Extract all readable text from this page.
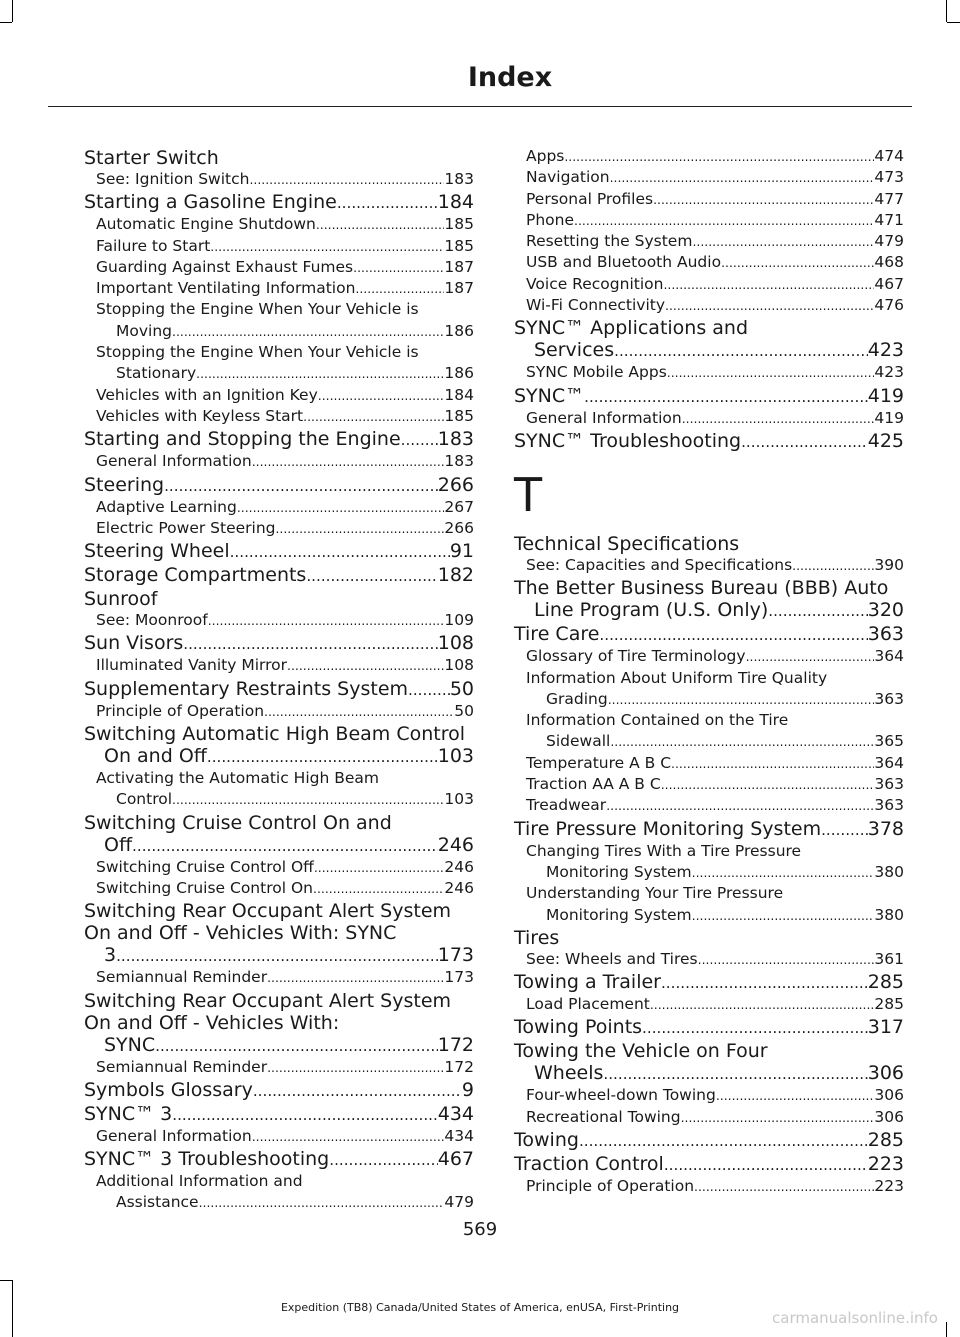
Index
Starter Switch
See: Ignition Switch .....	183
Starting a Gasoline Engine .....	184
Automatic Engine Shutdown .....	185
Failure to Start .....	185
Guarding Against Exhaust Fumes .....	187
Important Ventilating Information .....	187
Stopping the Engine When Your Vehicle is
Moving .....	186
Stopping the Engine When Your Vehicle is
Stationary .....	186
Vehicles with an Ignition Key .....	184
Vehicles with Keyless Start .....	185
Starting and Stopping the Engine ..... 183
General Information .....	183
Steering .....	266
Adaptive Learning .....	267
Electric Power Steering .....	266
Steering Wheel .....	91
Storage Compartments .....	182
Sunroof
See: Moonroof .....	109
Sun Visors .....	108
Illuminated Vanity Mirror .....	108
Supplementary Restraints System ..... 50
Principle of Operation .....	50
Switching Automatic High Beam Control
On and Off .....	103
Activating the Automatic High Beam
Control .....	103
Switching Cruise Control On and
Off .....	246
Switching Cruise Control Off .....	246
Switching Cruise Control On .....	246
Switching Rear Occupant Alert System
On and Off - Vehicles With: SYNC
3 .....	173
Semiannual Reminder .....	173
Switching Rear Occupant Alert System
On and Off - Vehicles With:
SYNC .....	172
Semiannual Reminder .....	172
Symbols Glossary .....	9
SYNC™ 3 .....	434
General Information .....	434
SYNC™ 3 Troubleshooting .....	467
Additional Information and
Assistance .....	479
Apps .....	474
Navigation .....	473
Personal Profiles .....	477
Phone .....	471
Resetting the System .....	479
USB and Bluetooth Audio .....	468
Voice Recognition .....	467
Wi-Fi Connectivity .....	476
SYNC™ Applications and
Services .....	423
SYNC Mobile Apps .....	423
SYNC™ .....	419
General Information .....	419
SYNC™ Troubleshooting .....	425
T
Technical Specifications
See: Capacities and Specifications .....	390
The Better Business Bureau (BBB) Auto
Line Program (U.S. Only) .....	320
Tire Care .....	363
Glossary of Tire Terminology .....	364
Information About Uniform Tire Quality
Grading .....	363
Information Contained on the Tire
Sidewall .....	365
Temperature A B C .....	364
Traction AA A B C .....	363
Treadwear .....	363
Tire Pressure Monitoring System ..... 378
Changing Tires With a Tire Pressure
Monitoring System .....	380
Understanding Your Tire Pressure
Monitoring System .....	380
Tires
See: Wheels and Tires .....	361
Towing a Trailer .....	285
Load Placement .....	285
Towing Points .....	317
Towing the Vehicle on Four
Wheels .....	306
Four-wheel-down Towing .....	306
Recreational Towing .....	306
Towing .....	285
Traction Control .....	223
Principle of Operation .....	223
569
Expedition (TB8) Canada/United States of America, enUSA, First-Printing
carmanualsonline.info
